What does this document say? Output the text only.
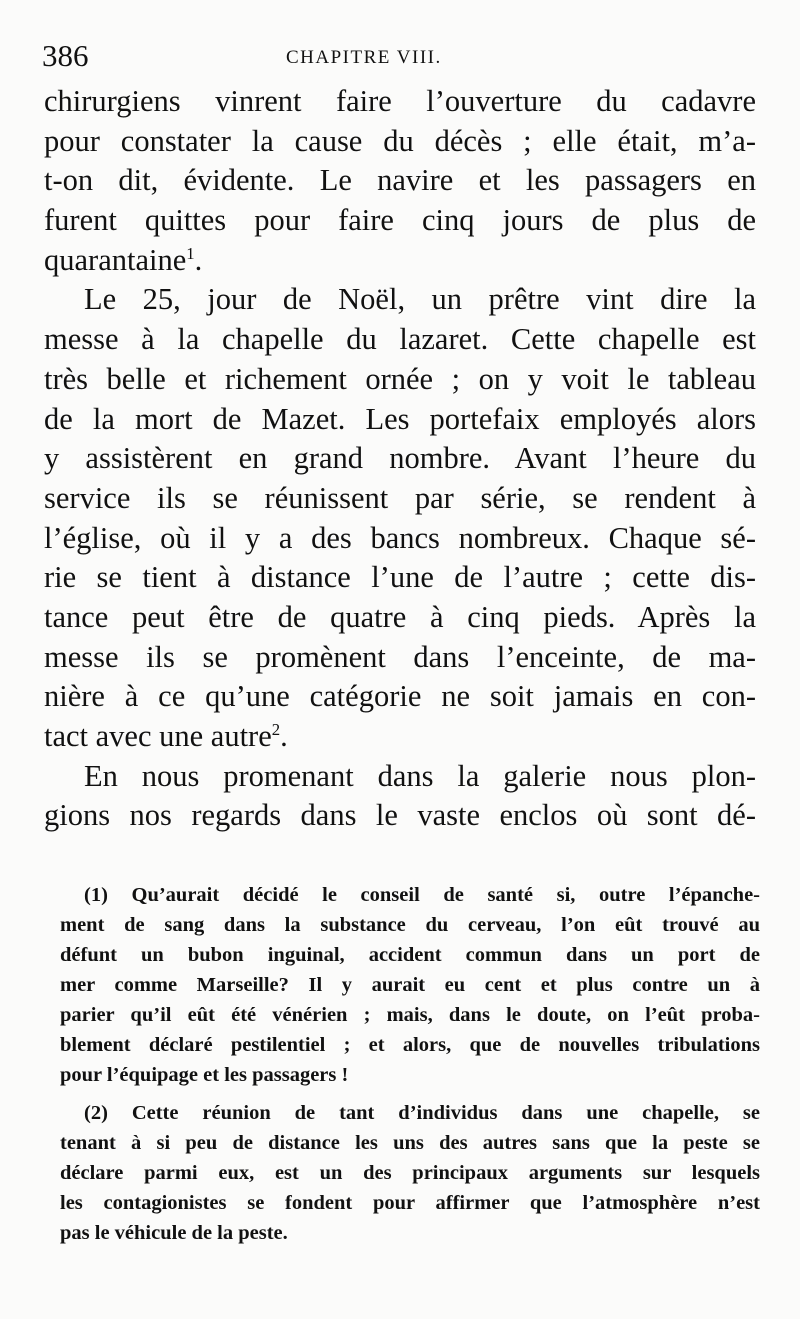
386	CHAPITRE VIII.
chirurgiens vinrent faire l’ouverture du cadavre
pour constater la cause du décès ; elle était, m’a-
t-on dit, évidente. Le navire et les passagers en
furent quittes pour faire cinq jours de plus de
quarantaine$^1$.
Le 25, jour de Noël, un prêtre vint dire la
messe à la chapelle du lazaret. Cette chapelle est
très belle et richement ornée ; on y voit le tableau
de la mort de Mazet. Les portefaix employés alors
y assistèrent en grand nombre. Avant l’heure du
service ils se réunissent par série, se rendent à
l’église, où il y a des bancs nombreux. Chaque sé-
rie se tient à distance l’une de l’autre ; cette dis-
tance peut être de quatre à cinq pieds. Après la
messe ils se promènent dans l’enceinte, de ma-
nière à ce qu’une catégorie ne soit jamais en con-
tact avec une autre$^2$.
En nous promenant dans la galerie nous plon-
gions nos regards dans le vaste enclos où sont dé-
(1) Qu’aurait décidé le conseil de santé si, outre l’épanche-
ment de sang dans la substance du cerveau, l’on eût trouvé au
défunt un bubon inguinal, accident commun dans un port de
mer comme Marseille? Il y aurait eu cent et plus contre un à
parier qu’il eût été vénérien ; mais, dans le doute, on l’eût proba-
blement déclaré pestilentiel ; et alors, que de nouvelles tribulations
pour l’équipage et les passagers !
(2) Cette réunion de tant d’individus dans une chapelle, se
tenant à si peu de distance les uns des autres sans que la peste se
déclare parmi eux, est un des principaux arguments sur lesquels
les contagionistes se fondent pour affirmer que l’atmosphère n’est
pas le véhicule de la peste.
